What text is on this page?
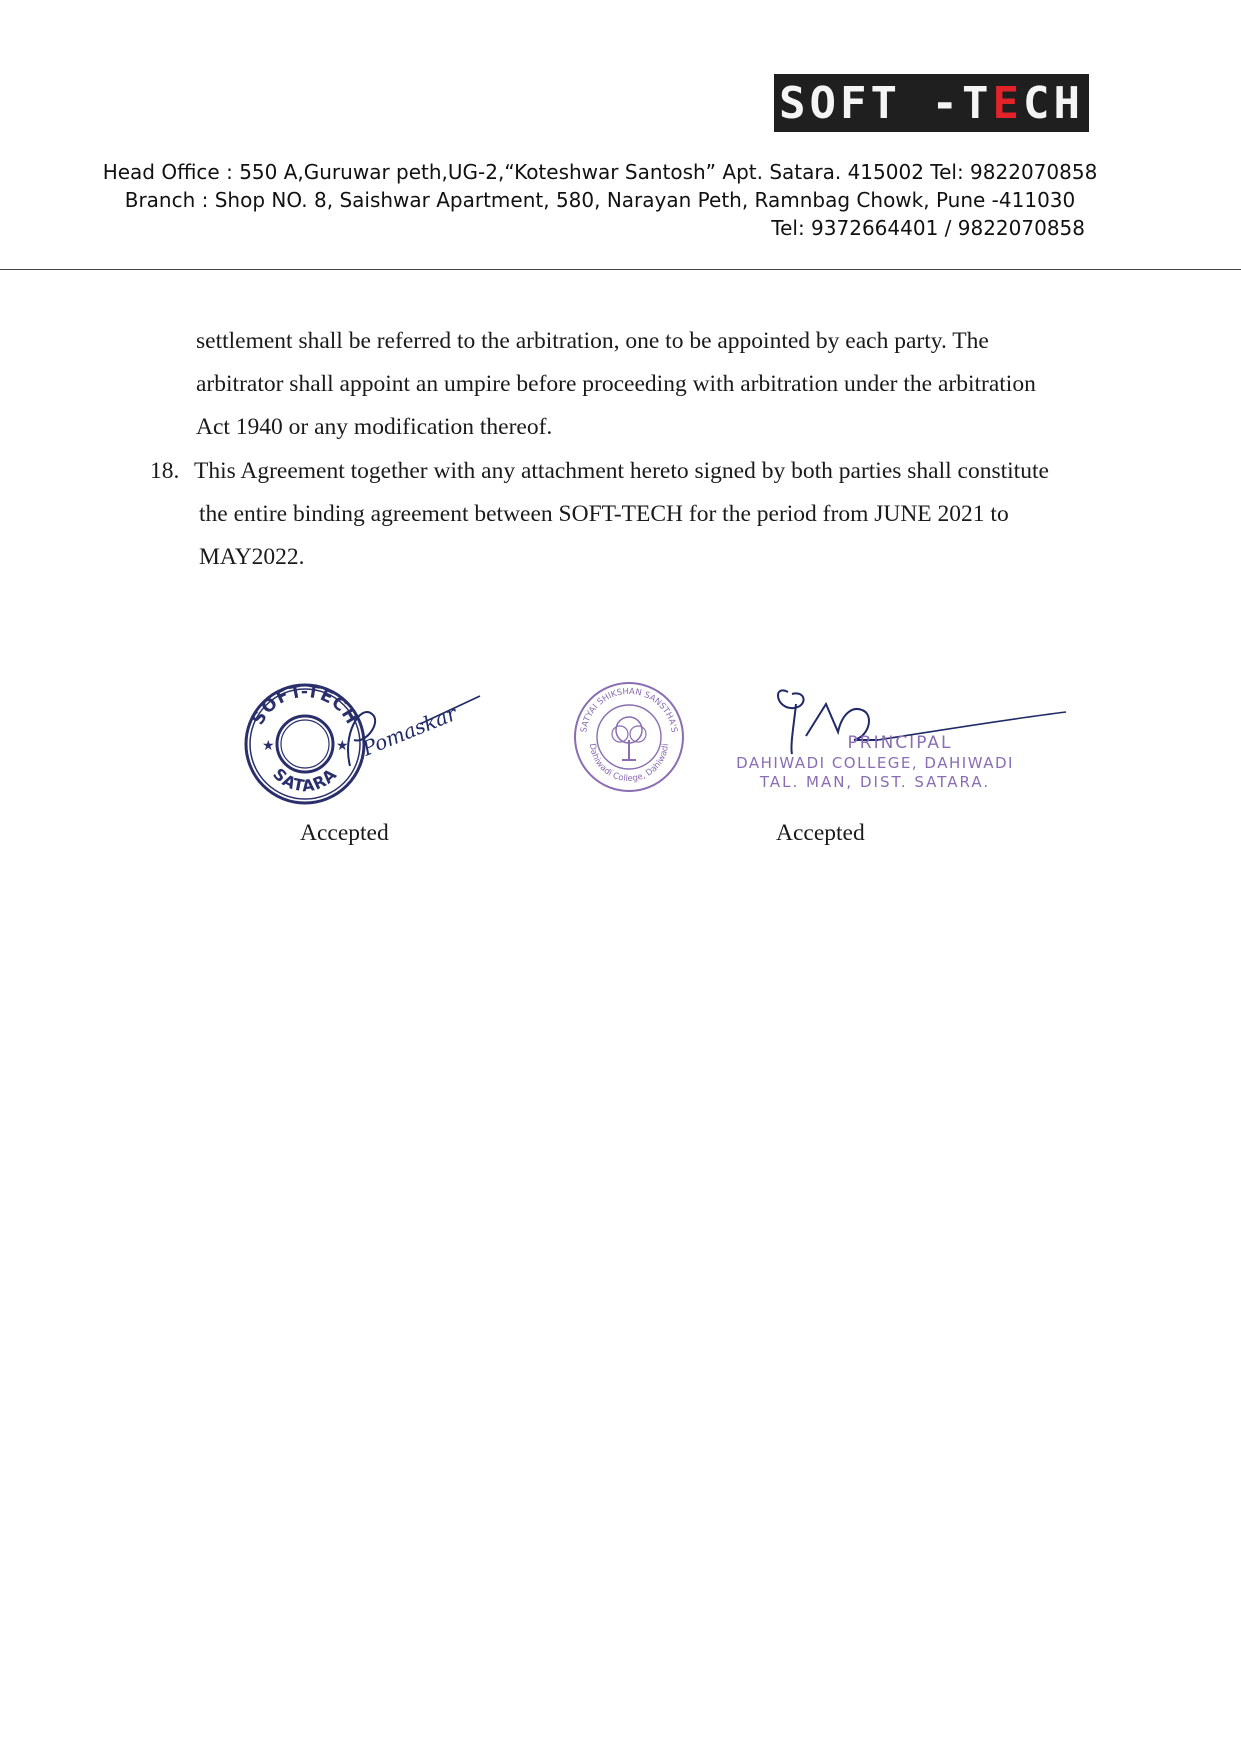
SOFT -T E CH
Head Office : 550 A,Guruwar peth,UG-2,“Koteshwar Santosh” Apt. Satara. 415002 Tel: 9822070858
Branch : Shop NO. 8, Saishwar Apartment, 580, Narayan Peth, Ramnbag Chowk, Pune -411030
Tel: 9372664401 / 9822070858
settlement shall be referred to the arbitration, one to be appointed by each party. The
arbitrator shall appoint an umpire before proceeding with arbitration under the arbitration
Act 1940 or any modification thereof.
18. This Agreement together with any attachment hereto signed by both parties shall constitute
the entire binding agreement between SOFT-TECH for the period from JUNE 2021 to
MAY2022.
SOFT-TECH
SATARA
★	★ Pomaskar
Accepted
SATYAI SHIKSHAN SANSTHA'S
Dahiwadi College, Dahiwadi	PRINCIPAL
DAHIWADI COLLEGE, DAHIWADI
TAL. MAN, DIST. SATARA.
Accepted
